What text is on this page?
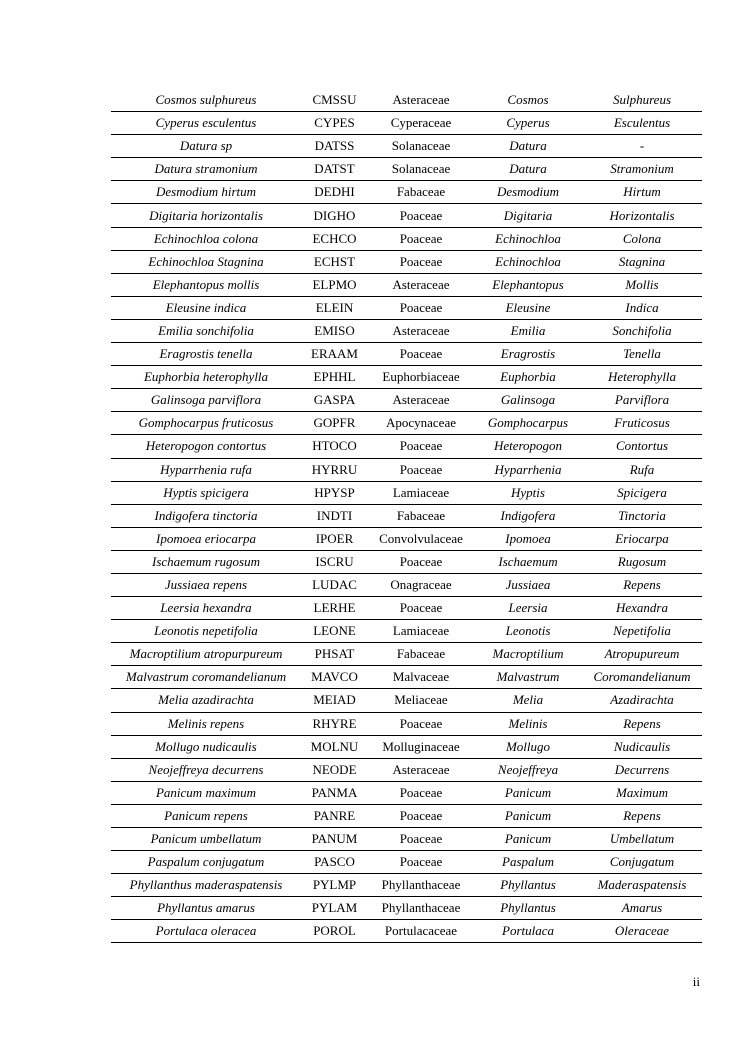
Cosmos sulphureus	CMSSU	Asteraceae	Cosmos	Sulphureus
Cyperus esculentus	CYPES	Cyperaceae	Cyperus	Esculentus
Datura sp	DATSS	Solanaceae	Datura	-
Datura stramonium	DATST	Solanaceae	Datura	Stramonium
Desmodium hirtum	DEDHI	Fabaceae	Desmodium	Hirtum
Digitaria horizontalis	DIGHO	Poaceae	Digitaria	Horizontalis
Echinochloa colona	ECHCO	Poaceae	Echinochloa	Colona
Echinochloa Stagnina	ECHST	Poaceae	Echinochloa	Stagnina
Elephantopus mollis	ELPMO	Asteraceae	Elephantopus	Mollis
Eleusine indica	ELEIN	Poaceae	Eleusine	Indica
Emilia sonchifolia	EMISO	Asteraceae	Emilia	Sonchifolia
Eragrostis tenella	ERAAM	Poaceae	Eragrostis	Tenella
Euphorbia heterophylla	EPHHL	Euphorbiaceae	Euphorbia	Heterophylla
Galinsoga parviflora	GASPA	Asteraceae	Galinsoga	Parviflora
Gomphocarpus fruticosus	GOPFR	Apocynaceae	Gomphocarpus	Fruticosus
Heteropogon contortus	HTOCO	Poaceae	Heteropogon	Contortus
Hyparrhenia rufa	HYRRU	Poaceae	Hyparrhenia	Rufa
Hyptis spicigera	HPYSP	Lamiaceae	Hyptis	Spicigera
Indigofera tinctoria	INDTI	Fabaceae	Indigofera	Tinctoria
Ipomoea eriocarpa	IPOER	Convolvulaceae	Ipomoea	Eriocarpa
Ischaemum rugosum	ISCRU	Poaceae	Ischaemum	Rugosum
Jussiaea repens	LUDAC	Onagraceae	Jussiaea	Repens
Leersia hexandra	LERHE	Poaceae	Leersia	Hexandra
Leonotis nepetifolia	LEONE	Lamiaceae	Leonotis	Nepetifolia
Macroptilium atropurpureum	PHSAT	Fabaceae	Macroptilium	Atropupureum
Malvastrum coromandelianum	MAVCO	Malvaceae	Malvastrum	Coromandelianum
Melia azadirachta	MEIAD	Meliaceae	Melia	Azadirachta
Melinis repens	RHYRE	Poaceae	Melinis	Repens
Mollugo nudicaulis	MOLNU	Molluginaceae	Mollugo	Nudicaulis
Neojeffreya decurrens	NEODE	Asteraceae	Neojeffreya	Decurrens
Panicum maximum	PANMA	Poaceae	Panicum	Maximum
Panicum repens	PANRE	Poaceae	Panicum	Repens
Panicum umbellatum	PANUM	Poaceae	Panicum	Umbellatum
Paspalum conjugatum	PASCO	Poaceae	Paspalum	Conjugatum
Phyllanthus maderaspatensis	PYLMP	Phyllanthaceae	Phyllantus	Maderaspatensis
Phyllantus amarus	PYLAM	Phyllanthaceae	Phyllantus	Amarus
Portulaca oleracea	POROL	Portulacaceae	Portulaca	Oleraceae
ii
